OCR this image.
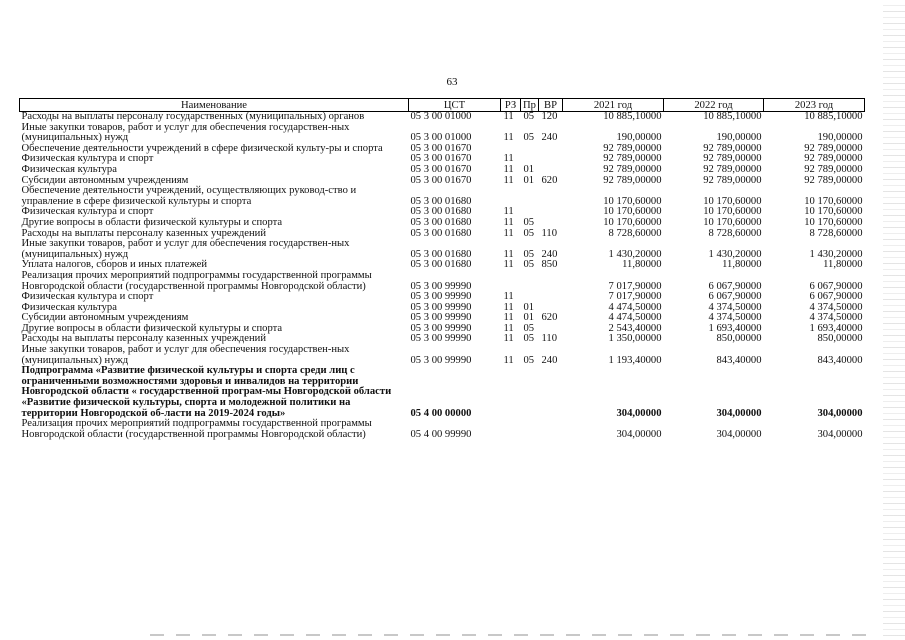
63
Наименование	ЦСТ	РЗ	Пр	ВР	2021 год	2022 год	2023 год
Расходы на выплаты персоналу государственных (муниципальных) органов	05 3 00 01000	11	05	120	10 885,10000	10 885,10000	10 885,10000
Иные закупки товаров, работ и услуг для обеспечения государствен-ных (муниципальных) нужд	05 3 00 01000	11	05	240	190,00000	190,00000	190,00000
Обеспечение деятельности учреждений в сфере физической культу-ры и спорта	05 3 00 01670				92 789,00000	92 789,00000	92 789,00000
Физическая культура и спорт	05 3 00 01670	11			92 789,00000	92 789,00000	92 789,00000
Физическая культура	05 3 00 01670	11	01		92 789,00000	92 789,00000	92 789,00000
Субсидии автономным учреждениям	05 3 00 01670	11	01	620	92 789,00000	92 789,00000	92 789,00000
Обеспечение деятельности учреждений, осуществляющих руковод-ство и управление в сфере физической культуры и спорта	05 3 00 01680				10 170,60000	10 170,60000	10 170,60000
Физическая культура и спорт	05 3 00 01680	11			10 170,60000	10 170,60000	10 170,60000
Другие вопросы в области физической культуры и спорта	05 3 00 01680	11	05		10 170,60000	10 170,60000	10 170,60000
Расходы на выплаты персоналу казенных учреждений	05 3 00 01680	11	05	110	8 728,60000	8 728,60000	8 728,60000
Иные закупки товаров, работ и услуг для обеспечения государствен-ных (муниципальных) нужд	05 3 00 01680	11	05	240	1 430,20000	1 430,20000	1 430,20000
Уплата налогов, сборов и иных платежей	05 3 00 01680	11	05	850	11,80000	11,80000	11,80000
Реализация прочих мероприятий подпрограммы государственной программы Новгородской области (государственной программы Новгородской области)	05 3 00 99990				7 017,90000	6 067,90000	6 067,90000
Физическая культура и спорт	05 3 00 99990	11			7 017,90000	6 067,90000	6 067,90000
Физическая культура	05 3 00 99990	11	01		4 474,50000	4 374,50000	4 374,50000
Субсидии автономным учреждениям	05 3 00 99990	11	01	620	4 474,50000	4 374,50000	4 374,50000
Другие вопросы в области физической культуры и спорта	05 3 00 99990	11	05		2 543,40000	1 693,40000	1 693,40000
Расходы на выплаты персоналу казенных учреждений	05 3 00 99990	11	05	110	1 350,00000	850,00000	850,00000
Иные закупки товаров, работ и услуг для обеспечения государствен-ных (муниципальных) нужд	05 3 00 99990	11	05	240	1 193,40000	843,40000	843,40000
Подпрограмма «Развитие физической культуры и спорта среди лиц с ограниченными возможностями здоровья и инвалидов на территории Новгородской области « государственной програм-мы Новгородской области «Развитие физической культуры, спорта и молодежной политики на территории Новгородской об-ласти на 2019-2024 годы»	05 4 00 00000				304,00000	304,00000	304,00000
Реализация прочих мероприятий подпрограммы государственной программы Новгородской области (государственной программы Новгородской области)	05 4 00 99990				304,00000	304,00000	304,00000
